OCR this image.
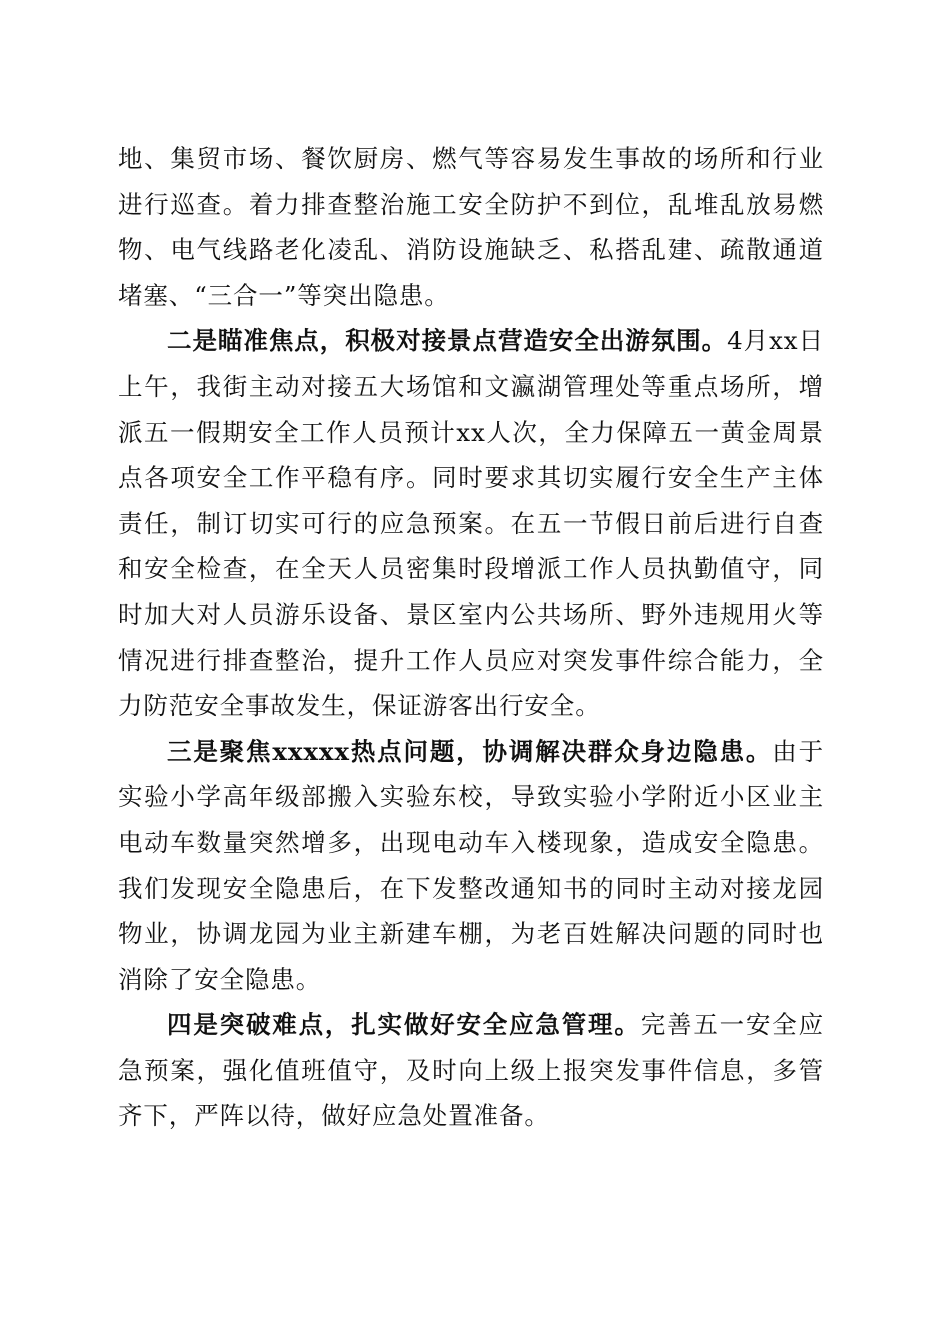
地、集贸市场、餐饮厨房、燃气等容易发生事故的场所和行业进行巡查。着力排查整治施工安全防护不到位，乱堆乱放易燃物、电气线路老化凌乱、消防设施缺乏、私搭乱建、疏散通道堵塞、“三合一”等突出隐患。

二是瞄准焦点，积极对接景点营造安全出游氛围。4月xx日上午，我街主动对接五大场馆和文瀛湖管理处等重点场所，增派五一假期安全工作人员预计xx人次，全力保障五一黄金周景点各项安全工作平稳有序。同时要求其切实履行安全生产主体责任，制订切实可行的应急预案。在五一节假日前后进行自查和安全检查，在全天人员密集时段增派工作人员执勤值守，同时加大对人员游乐设备、景区室内公共场所、野外违规用火等情况进行排查整治，提升工作人员应对突发事件综合能力，全力防范安全事故发生，保证游客出行安全。

三是聚焦xxxxx热点问题，协调解决群众身边隐患。由于实验小学高年级部搬入实验东校，导致实验小学附近小区业主电动车数量突然增多，出现电动车入楼现象，造成安全隐患。我们发现安全隐患后，在下发整改通知书的同时主动对接龙园物业，协调龙园为业主新建车棚，为老百姓解决问题的同时也消除了安全隐患。

四是突破难点，扎实做好安全应急管理。完善五一安全应急预案，强化值班值守，及时向上级上报突发事件信息，多管齐下，严阵以待，做好应急处置准备。
